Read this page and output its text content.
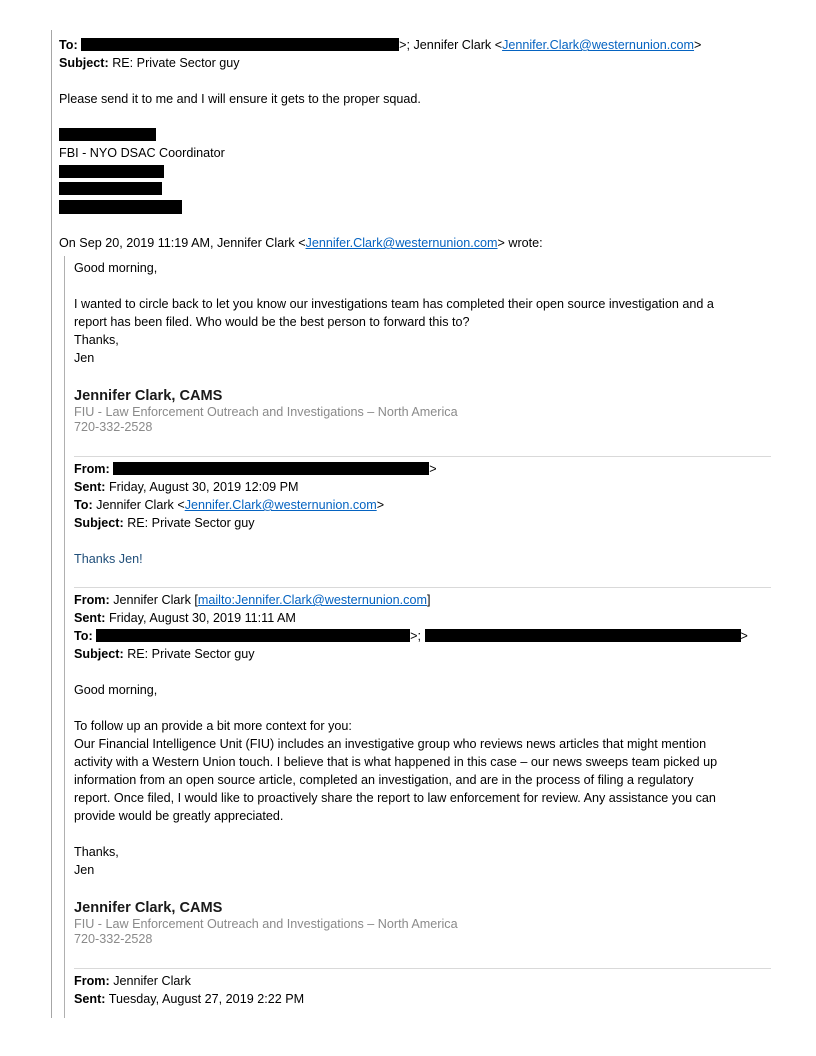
To:	>; Jennifer Clark <Jennifer.Clark@westernunion.com>
Subject: RE: Private Sector guy
Please send it to me and I will ensure it gets to the proper squad.
FBI - NYO DSAC Coordinator
On Sep 20, 2019 11:19 AM, Jennifer Clark <Jennifer.Clark@westernunion.com> wrote:
Good morning,
I wanted to circle back to let you know our investigations team has completed their open source investigation and a
report has been filed. Who would be the best person to forward this to?
Thanks,
Jen
Jennifer Clark, CAMS
FIU - Law Enforcement Outreach and Investigations – North America
720-332-2528
From:	>
Sent: Friday, August 30, 2019 12:09 PM
To: Jennifer Clark <Jennifer.Clark@westernunion.com>
Subject: RE: Private Sector guy
Thanks Jen!
From: Jennifer Clark [mailto:Jennifer.Clark@westernunion.com]
Sent: Friday, August 30, 2019 11:11 AM
To:	>;	>
Subject: RE: Private Sector guy
Good morning,
To follow up an provide a bit more context for you:
Our Financial Intelligence Unit (FIU) includes an investigative group who reviews news articles that might mention
activity with a Western Union touch. I believe that is what happened in this case – our news sweeps team picked up
information from an open source article, completed an investigation, and are in the process of filing a regulatory
report. Once filed, I would like to proactively share the report to law enforcement for review. Any assistance you can
provide would be greatly appreciated.
Thanks,
Jen
Jennifer Clark, CAMS
FIU - Law Enforcement Outreach and Investigations – North America
720-332-2528
From: Jennifer Clark
Sent: Tuesday, August 27, 2019 2:22 PM
